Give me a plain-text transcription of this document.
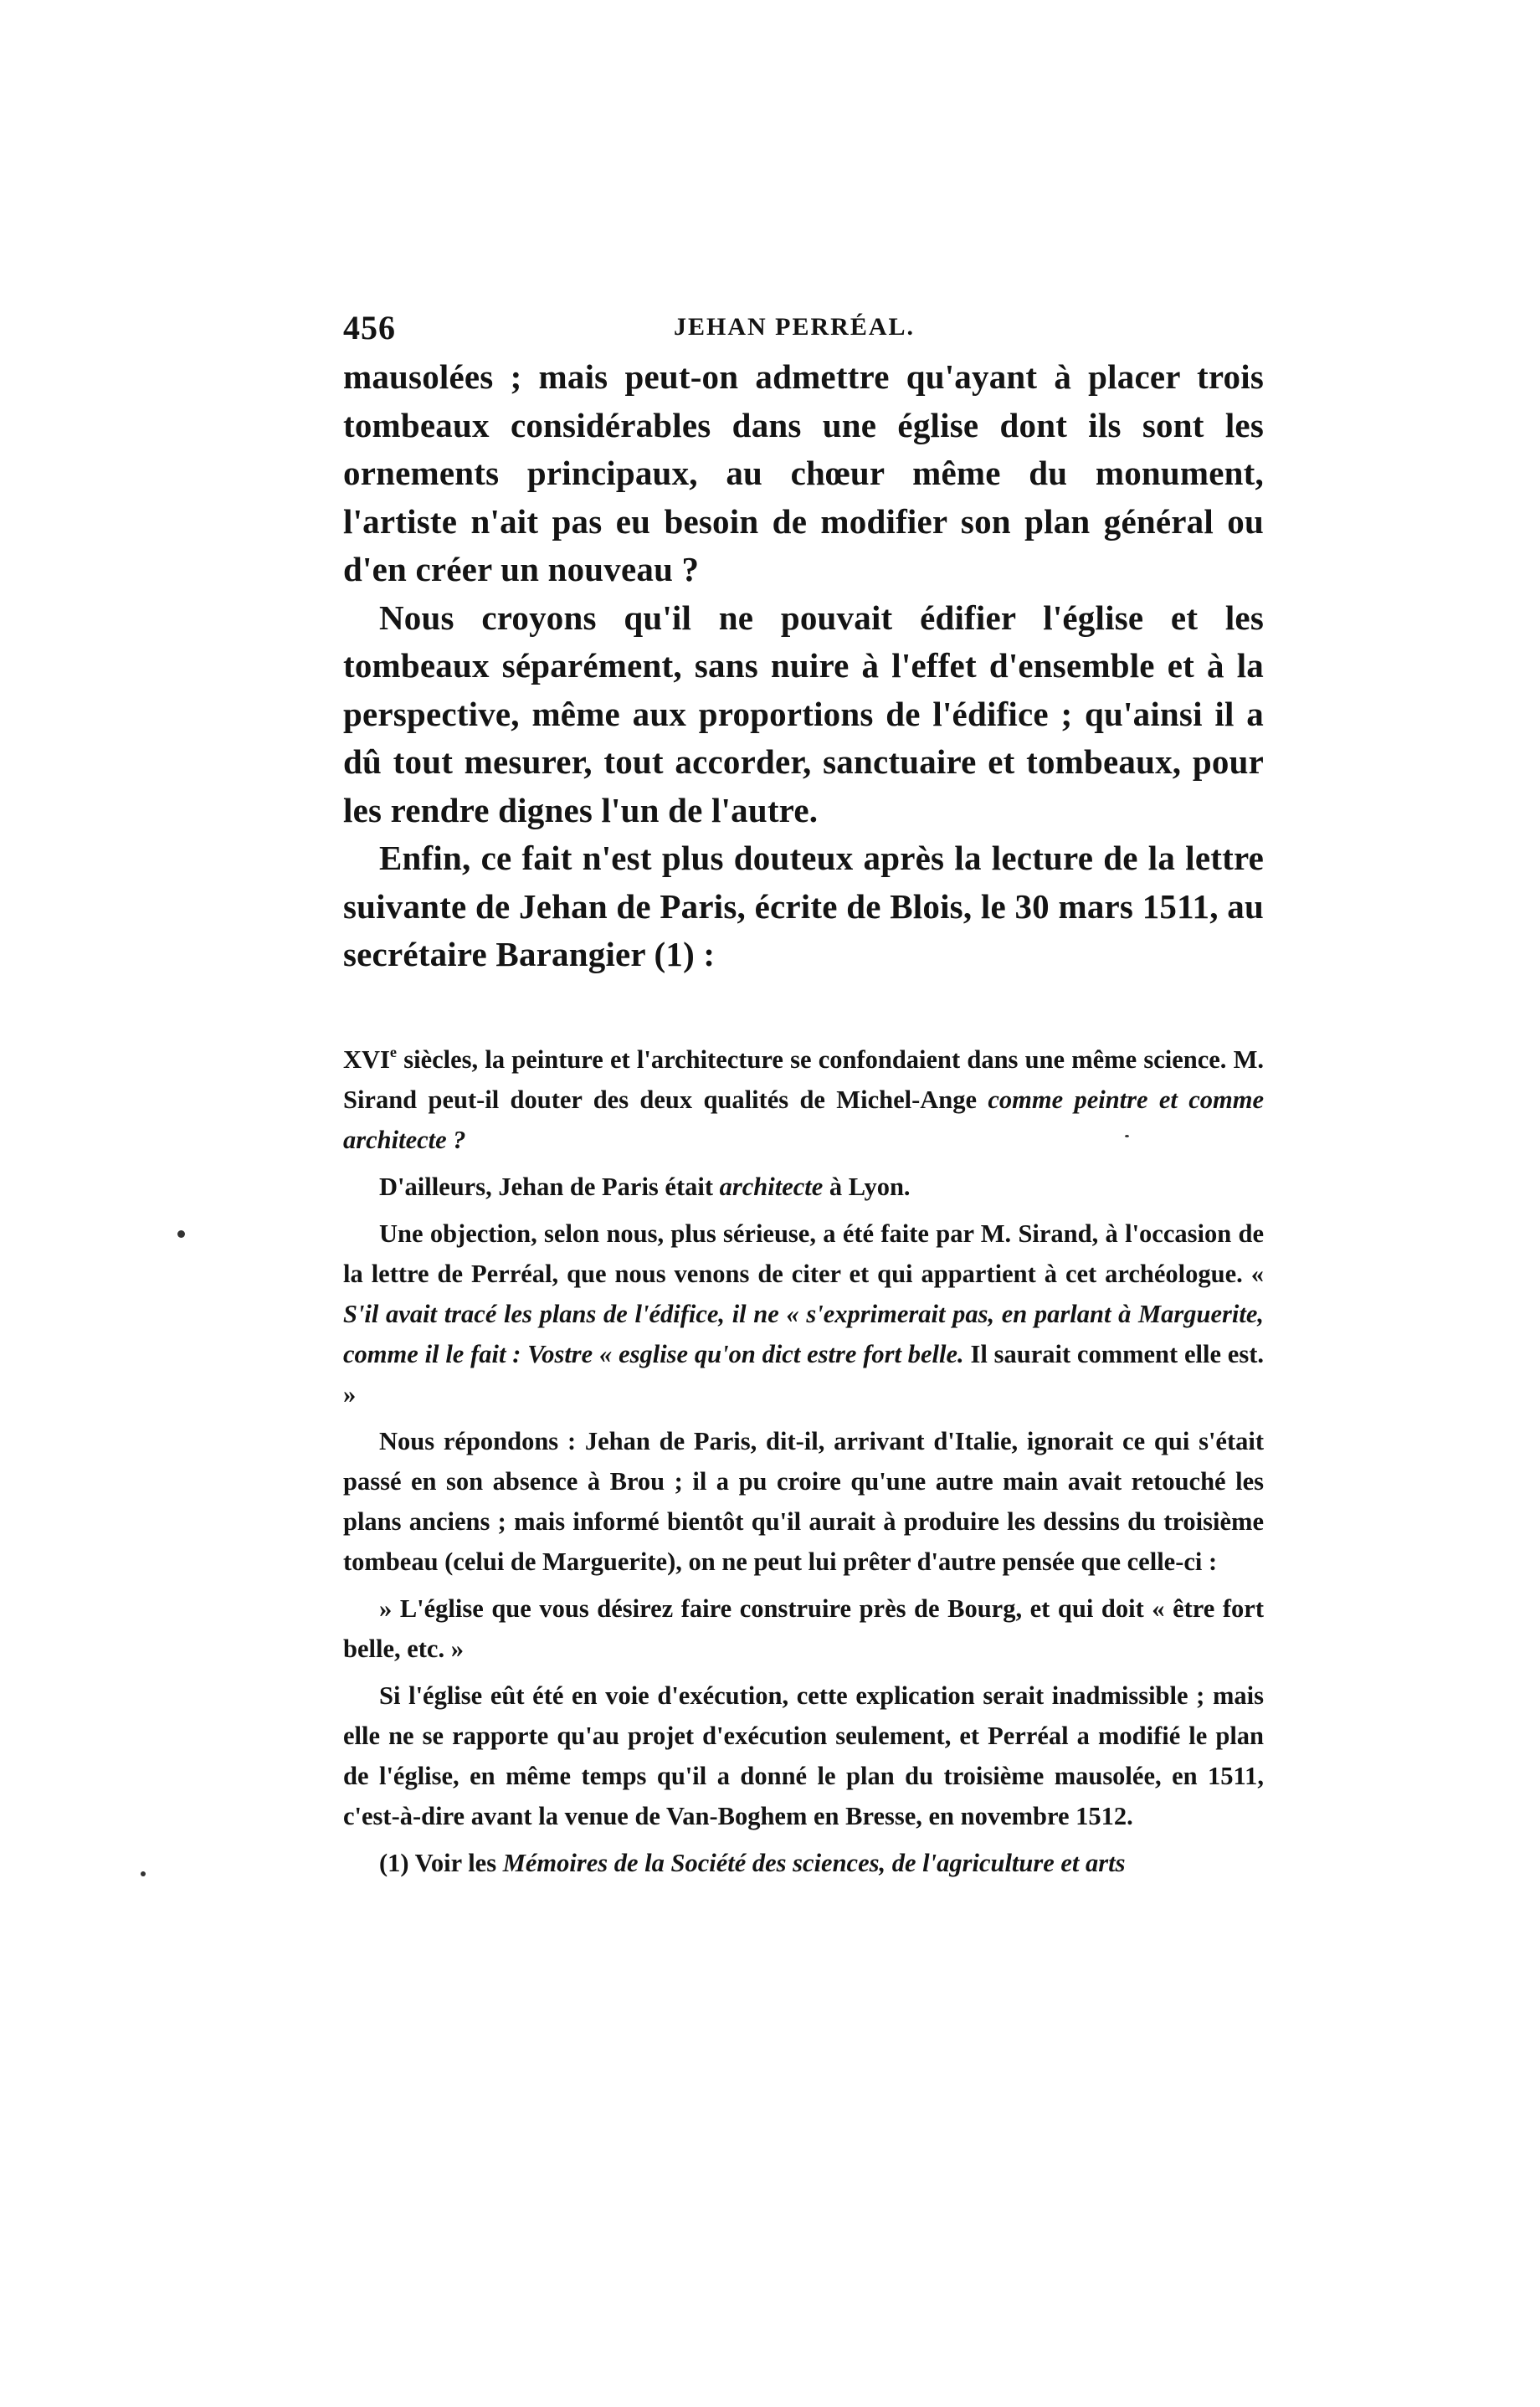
456	JEHAN PERRÉAL.

mausolées ; mais peut-on admettre qu'ayant à placer trois tombeaux considérables dans une église dont ils sont les ornements principaux, au chœur même du monument, l'artiste n'ait pas eu besoin de modifier son plan général ou d'en créer un nouveau ?

Nous croyons qu'il ne pouvait édifier l'église et les tombeaux séparément, sans nuire à l'effet d'ensemble et à la perspective, même aux proportions de l'édifice ; qu'ainsi il a dû tout mesurer, tout accorder, sanctuaire et tombeaux, pour les rendre dignes l'un de l'autre.

Enfin, ce fait n'est plus douteux après la lecture de la lettre suivante de Jehan de Paris, écrite de Blois, le 30 mars 1511, au secrétaire Barangier (1) :

XVIe siècles, la peinture et l'architecture se confondaient dans une même science. M. Sirand peut-il douter des deux qualités de Michel-Ange comme peintre et comme architecte ?

D'ailleurs, Jehan de Paris était architecte à Lyon.

Une objection, selon nous, plus sérieuse, a été faite par M. Sirand, à l'occasion de la lettre de Perréal, que nous venons de citer et qui appartient à cet archéologue. « S'il avait tracé les plans de l'édifice, il ne « s'exprimerait pas, en parlant à Marguerite, comme il le fait : Vostre « esglise qu'on dict estre fort belle. Il saurait comment elle est. »

Nous répondons : Jehan de Paris, dit-il, arrivant d'Italie, ignorait ce qui s'était passé en son absence à Brou ; il a pu croire qu'une autre main avait retouché les plans anciens ; mais informé bientôt qu'il aurait à produire les dessins du troisième tombeau (celui de Marguerite), on ne peut lui prêter d'autre pensée que celle-ci :

» L'église que vous désirez faire construire près de Bourg, et qui doit « être fort belle, etc. »

Si l'église eût été en voie d'exécution, cette explication serait inadmissible ; mais elle ne se rapporte qu'au projet d'exécution seulement, et Perréal a modifié le plan de l'église, en même temps qu'il a donné le plan du troisième mausolée, en 1511, c'est-à-dire avant la venue de Van-Boghem en Bresse, en novembre 1512.

(1) Voir les Mémoires de la Société des sciences, de l'agriculture et arts
